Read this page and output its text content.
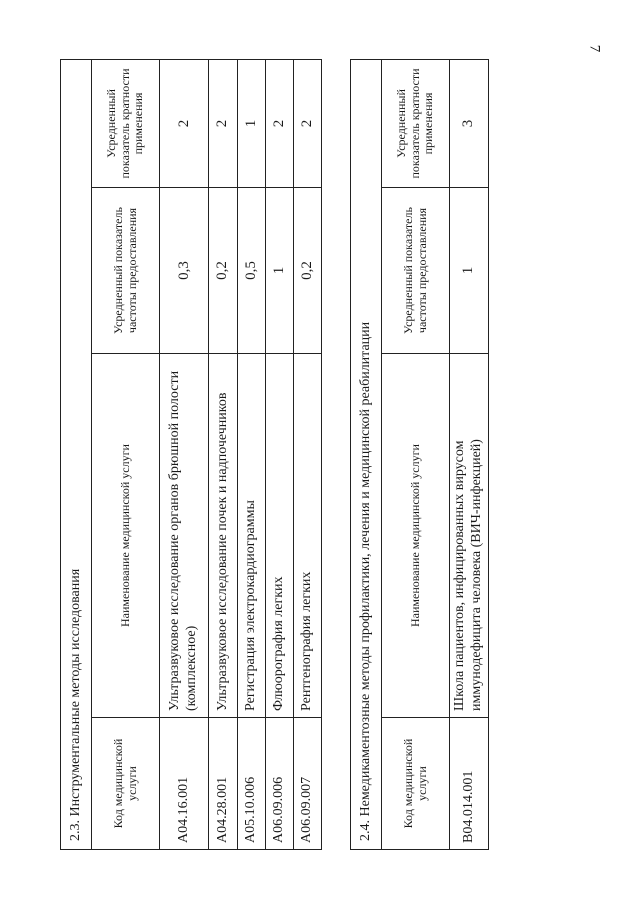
7
2.3. Инструментальные методы исследования			
Код медицинской услуги	Наименование медицинской услуги	Усредненный показатель частоты предоставления	Усредненный показатель кратности применения
A04.16.001	Ультразвуковое исследование органов брюшной полости (комплексное)	0,3	2
A04.28.001	Ультразвуковое исследование почек и надпочечников	0,2	2
A05.10.006	Регистрация электрокардиограммы	0,5	1
A06.09.006	Флюорография легких	1	2
A06.09.007	Рентгенография легких	0,2	2
2.4. Немедикаментозные методы профилактики, лечения и медицинской реабилитации			
Код медицинской услуги	Наименование медицинской услуги	Усредненный показатель частоты предоставления	Усредненный показатель кратности применения
B04.014.001	Школа пациентов, инфицированных вирусом иммунодефицита человека (ВИЧ-инфекцией)	1	3
